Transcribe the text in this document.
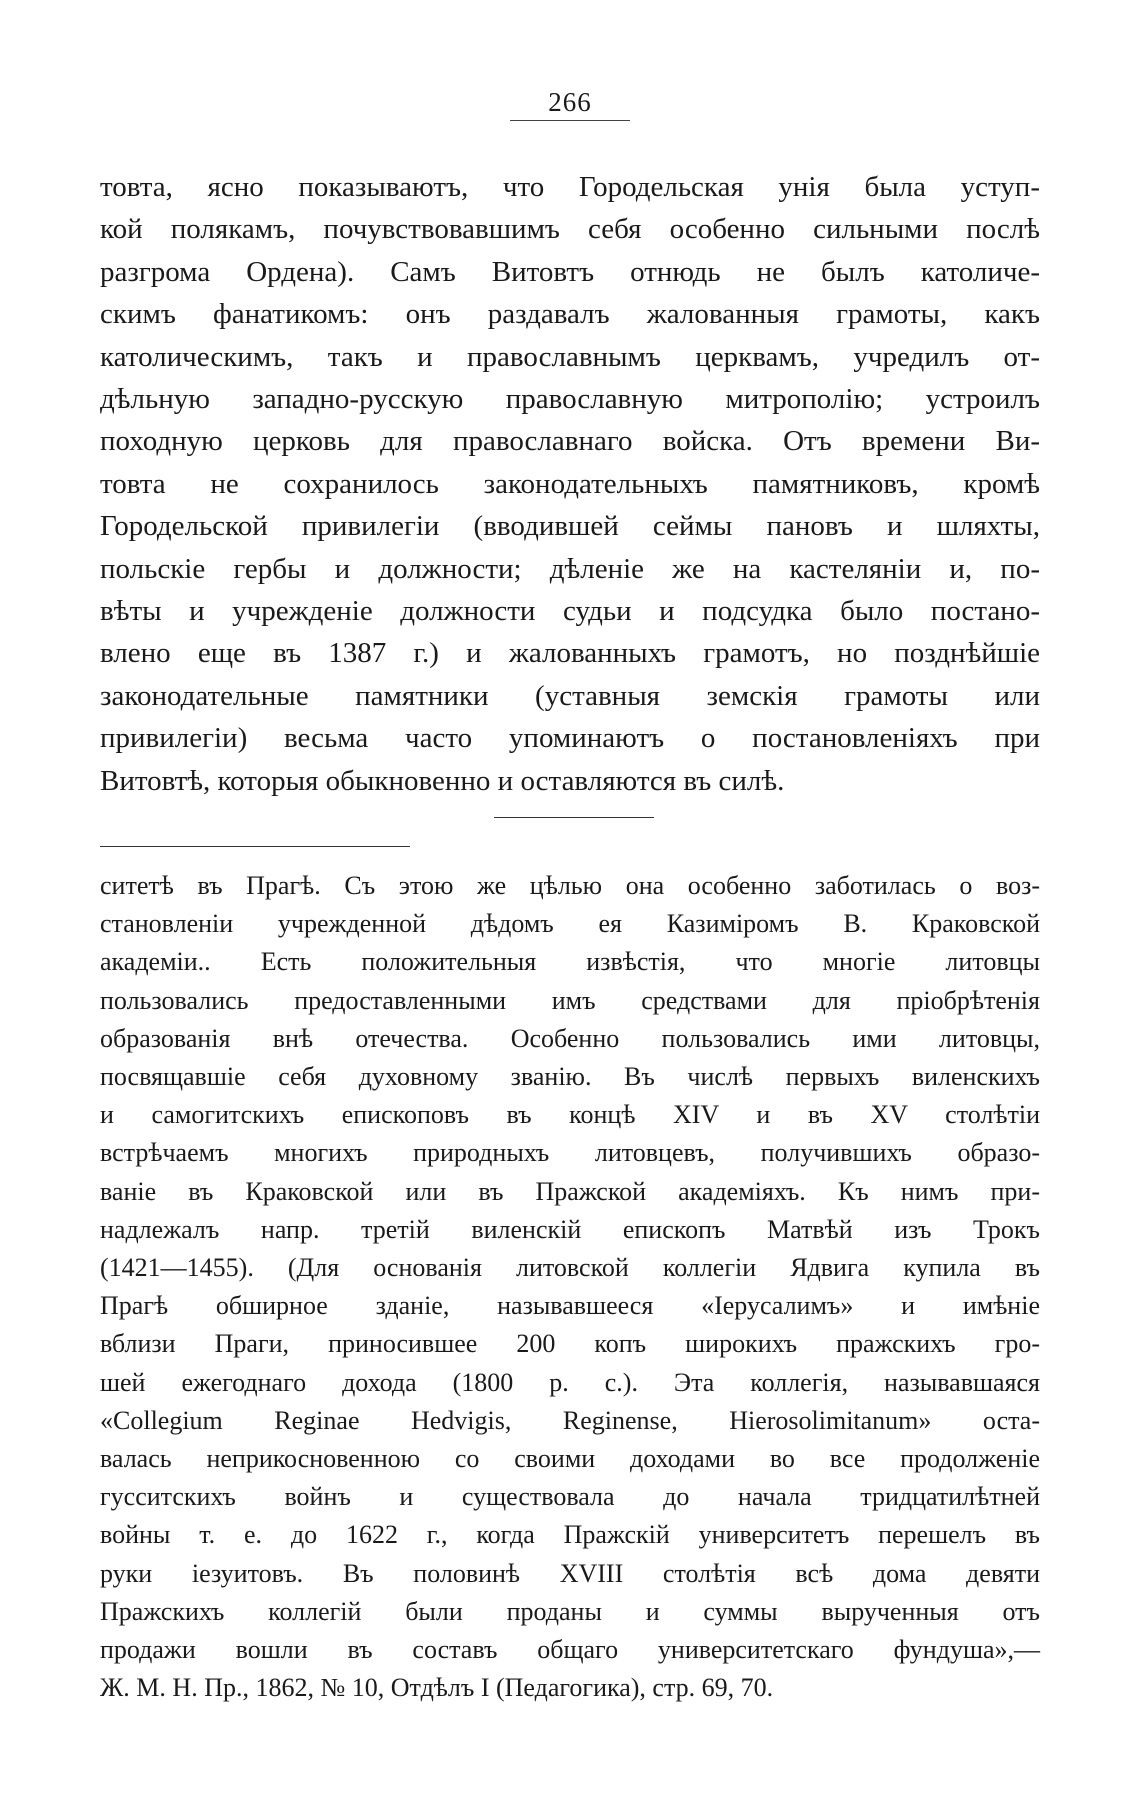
266
товта, ясно показываютъ, что Городельская унія была уступ-
кой полякамъ, почувствовавшимъ себя особенно сильными послѣ
разгрома Ордена). Самъ Витовтъ отнюдь не былъ католиче-
скимъ фанатикомъ: онъ раздавалъ жалованныя грамоты, какъ
католическимъ, такъ и православнымъ церквамъ, учредилъ от-
дѣльную западно-русскую православную митрополію; устроилъ
походную церковь для православнаго войска. Отъ времени Ви-
товта не сохранилось законодательныхъ памятниковъ, кромѣ
Городельской привилегіи (вводившей сеймы пановъ и шляхты,
польскіе гербы и должности; дѣленіе же на кастеляніи и, по-
вѣты и учрежденіе должности судьи и подсудка было постано-
влено еще въ 1387 г.) и жалованныхъ грамотъ, но позднѣйшіе
законодательные памятники (уставныя земскія грамоты или
привилегіи) весьма часто упоминаютъ о постановленіяхъ при
Витовтѣ, которыя обыкновенно и оставляются въ силѣ.
ситетѣ въ Прагѣ. Съ этою же цѣлью она особенно заботилась о воз-
становленіи учрежденной дѣдомъ ея Казиміромъ В. Краковской
академіи.. Есть положительныя извѣстія, что многіе литовцы
пользовались предоставленными имъ средствами для пріобрѣтенія
образованія внѣ отечества. Особенно пользовались ими литовцы,
посвящавшіе себя духовному званію. Въ числѣ первыхъ виленскихъ
и самогитскихъ епископовъ въ концѣ XIV и въ XV столѣтіи
встрѣчаемъ многихъ природныхъ литовцевъ, получившихъ образо-
ваніе въ Краковской или въ Пражской академіяхъ. Къ нимъ при-
надлежалъ напр. третій виленскій епископъ Матвѣй изъ Трокъ
(1421—1455). (Для основанія литовской коллегіи Ядвига купила въ
Прагѣ обширное зданіе, называвшееся «Іерусалимъ» и имѣніе
вблизи Праги, приносившее 200 копъ широкихъ пражскихъ гро-
шей ежегоднаго дохода (1800 р. с.). Эта коллегія, называвшаяся
«Collegium Reginae Hedvigis, Reginense, Hierosolimitanum» оста-
валась неприкосновенною со своими доходами во все продолженіе
гусситскихъ войнъ и существовала до начала тридцатилѣтней
войны т. е. до 1622 г., когда Пражскій университетъ перешелъ въ
руки іезуитовъ. Въ половинѣ XVIII столѣтія всѣ дома девяти
Пражскихъ коллегій были проданы и суммы вырученныя отъ
продажи вошли въ составъ общаго университетскаго фундуша»,—
Ж. М. Н. Пр., 1862, № 10, Отдѣлъ I (Педагогика), стр. 69, 70.
